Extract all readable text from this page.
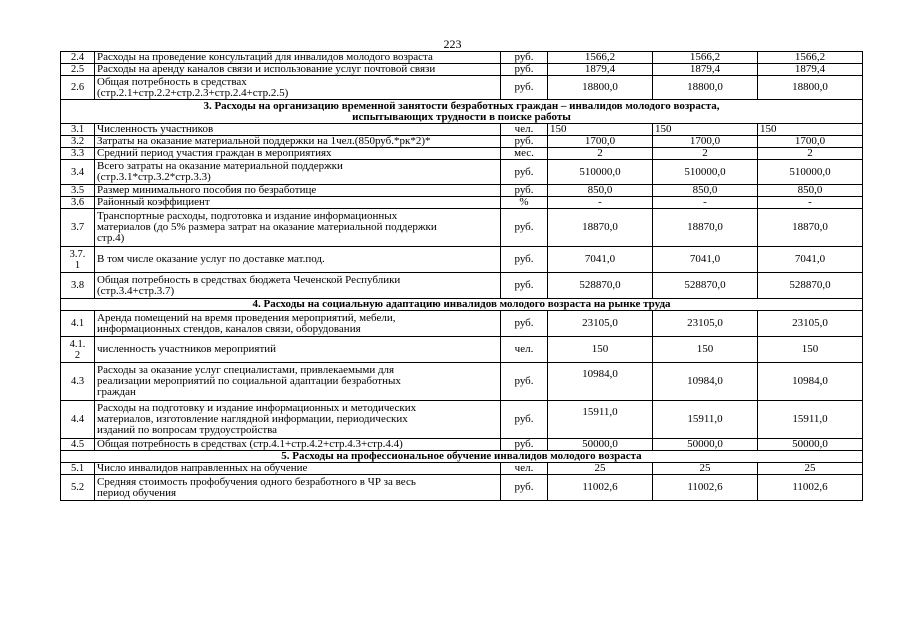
223
2.4	Расходы на проведение консультаций для инвалидов молодого возраста	руб.	1566,2	1566,2	1566,2
2.5	Расходы на аренду каналов связи и использование услуг почтовой связи	руб.	1879,4	1879,4	1879,4
2.6	Общая потребность в средствах
(стр.2.1+стр.2.2+стр.2.3+стр.2.4+стр.2.5)	руб.	18800,0	18800,0	18800,0

3. Расходы на организацию временной занятости безработных граждан – инвалидов молодого возраста,
испытывающих трудности в поиске работы					

3.1	Численность участников	чел.	150	150	150
3.2	Затраты на оказание материальной поддержки на 1чел.(850руб.*рк*2)*	руб.	1700,0	1700,0	1700,0
3.3	Средний период участия граждан в мероприятиях	мес.	2	2	2
3.4	Всего затраты на оказание материальной поддержки
(стр.3.1*стр.3.2*стр.3.3)	руб.	510000,0	510000,0	510000,0
3.5	Размер минимального пособия по безработице	руб.	850,0	850,0	850,0
3.6	Районный коэффициент	%	-	-	-
3.7	Транспортные расходы, подготовка и издание информационных
материалов (до 5% размера затрат на оказание материальной поддержки
стр.4)	руб.	18870,0	18870,0	18870,0

3.7.
1	В том числе оказание услуг по доставке мат.под.	руб.	7041,0	7041,0	7041,0
3.8	Общая потребность в средствах бюджета Чеченской Республики
(стр.3.4+стр.3.7)	руб.	528870,0	528870,0	528870,0
4. Расходы на социальную адаптацию инвалидов молодого возраста на рынке труда					
4.1	Аренда помещений на время проведения мероприятий, мебели,
информационных стендов, каналов связи, оборудования	руб.	23105,0	23105,0	23105,0

4.1.
2	численность участников мероприятий	чел.	150	150	150
4.3	Расходы за оказание услуг специалистами, привлекаемыми для
реализации мероприятий по социальной адаптации безработных
граждан	руб.	10984,0	10984,0	10984,0
4.4	Расходы на подготовку и издание информационных и методических
материалов, изготовление наглядной информации, периодических
изданий по вопросам трудоустройства	руб.	15911,0	15911,0	15911,0
4.5	Общая потребность в средствах (стр.4.1+стр.4.2+стр.4.3+стр.4.4)	руб.	50000,0	50000,0	50000,0
5. Расходы на профессиональное обучение инвалидов молодого возраста					
5.1	Число инвалидов направленных на обучение	чел.	25	25	25
5.2	Средняя стоимость профобучения одного безработного в ЧР за весь
период обучения	руб.	11002,6	11002,6	11002,6
